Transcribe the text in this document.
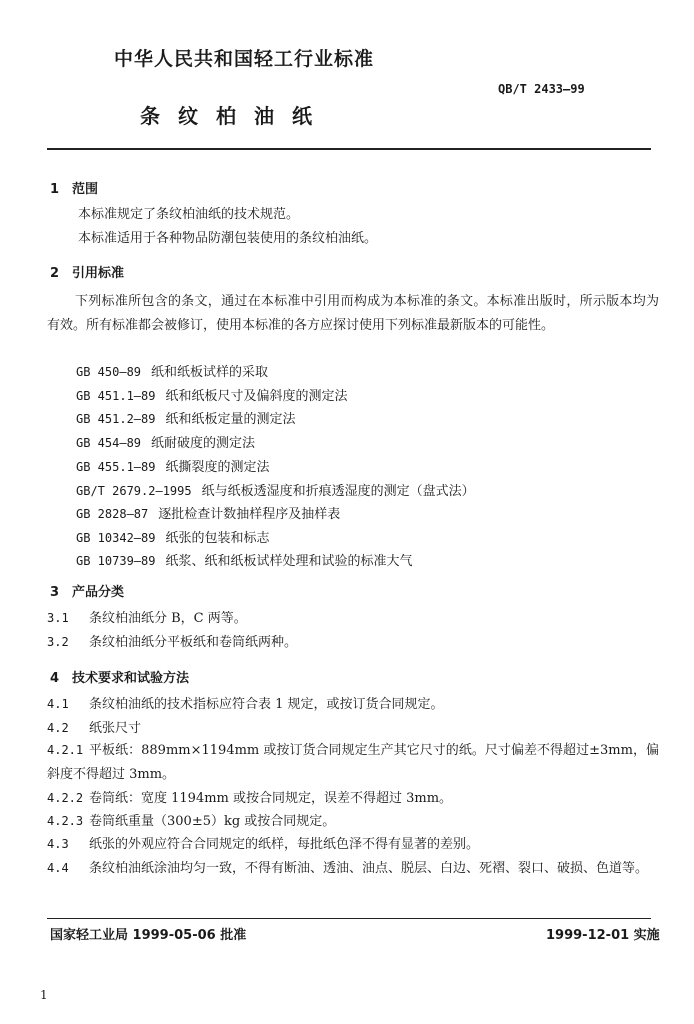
中华人民共和国轻工行业标准
QB/T 2433—99
条纹柏油纸
1 范围
本标准规定了条纹柏油纸的技术规范。
本标准适用于各种物品防潮包装使用的条纹柏油纸。
2 引用标准
下列标准所包含的条文，通过在本标准中引用而构成为本标准的条文。本标准出版时，所示版本均为有效。所有标准都会被修订，使用本标准的各方应探讨使用下列标准最新版本的可能性。
GB 450—89 纸和纸板试样的采取
GB 451.1—89 纸和纸板尺寸及偏斜度的测定法
GB 451.2—89 纸和纸板定量的测定法
GB 454—89 纸耐破度的测定法
GB 455.1—89 纸撕裂度的测定法
GB/T 2679.2—1995 纸与纸板透湿度和折痕透湿度的测定（盘式法）
GB 2828—87 逐批检查计数抽样程序及抽样表
GB 10342—89 纸张的包装和标志
GB 10739—89 纸浆、纸和纸板试样处理和试验的标准大气
3 产品分类
3.1 条纹柏油纸分 B，C 两等。
3.2 条纹柏油纸分平板纸和卷筒纸两种。
4 技术要求和试验方法
4.1 条纹柏油纸的技术指标应符合表 1 规定，或按订货合同规定。
4.2 纸张尺寸
4.2.1 平板纸：889mm×1194mm 或按订货合同规定生产其它尺寸的纸。尺寸偏差不得超过±3mm，偏斜度不得超过 3mm。
4.2.2 卷筒纸：宽度 1194mm 或按合同规定，误差不得超过 3mm。
4.2.3 卷筒纸重量（300±5）kg 或按合同规定。
4.3 纸张的外观应符合合同规定的纸样，每批纸色泽不得有显著的差别。
4.4 条纹柏油纸涂油均匀一致，不得有断油、透油、油点、脱层、白边、死褶、裂口、破损、色道等。
国家轻工业局 1999-05-06 批准	1999-12-01 实施
1
